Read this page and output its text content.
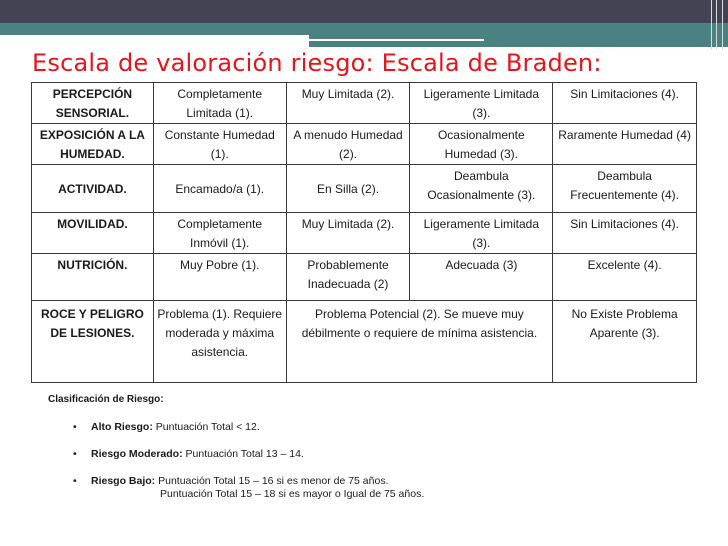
Escala de valoración riesgo: Escala de Braden:
PERCEPCIÓN SENSORIAL.	Completamente Limitada (1).	Muy Limitada (2).	Ligeramente Limitada (3).	Sin Limitaciones (4).
EXPOSICIÓN A LA HUMEDAD.	Constante Humedad (1).	A menudo Humedad (2).	Ocasionalmente Humedad (3).	Raramente Humedad (4)
ACTIVIDAD.	Encamado/a (1).	En Silla (2).	Deambula Ocasionalmente (3).	Deambula Frecuentemente (4).
MOVILIDAD.	Completamente Inmóvil (1).	Muy Limitada (2).	Ligeramente Limitada (3).	Sin Limitaciones (4).
NUTRICIÓN.	Muy Pobre (1).	Probablemente Inadecuada (2)	Adecuada (3)	Excelente (4).
ROCE Y PELIGRO DE LESIONES.	Problema (1). Requiere moderada y máxima asistencia.	Problema Potencial (2). Se mueve muy débilmente o requiere de mínima asistencia.		No Existe Problema Aparente (3).
Clasificación de Riesgo:
• Alto Riesgo: Puntuación Total < 12.
• Riesgo Moderado: Puntuación Total 13 – 14.
• Riesgo Bajo: Puntuación Total 15 – 16 si es menor de 75 años.
Puntuación Total 15 – 18 si es mayor o Igual de 75 años.
